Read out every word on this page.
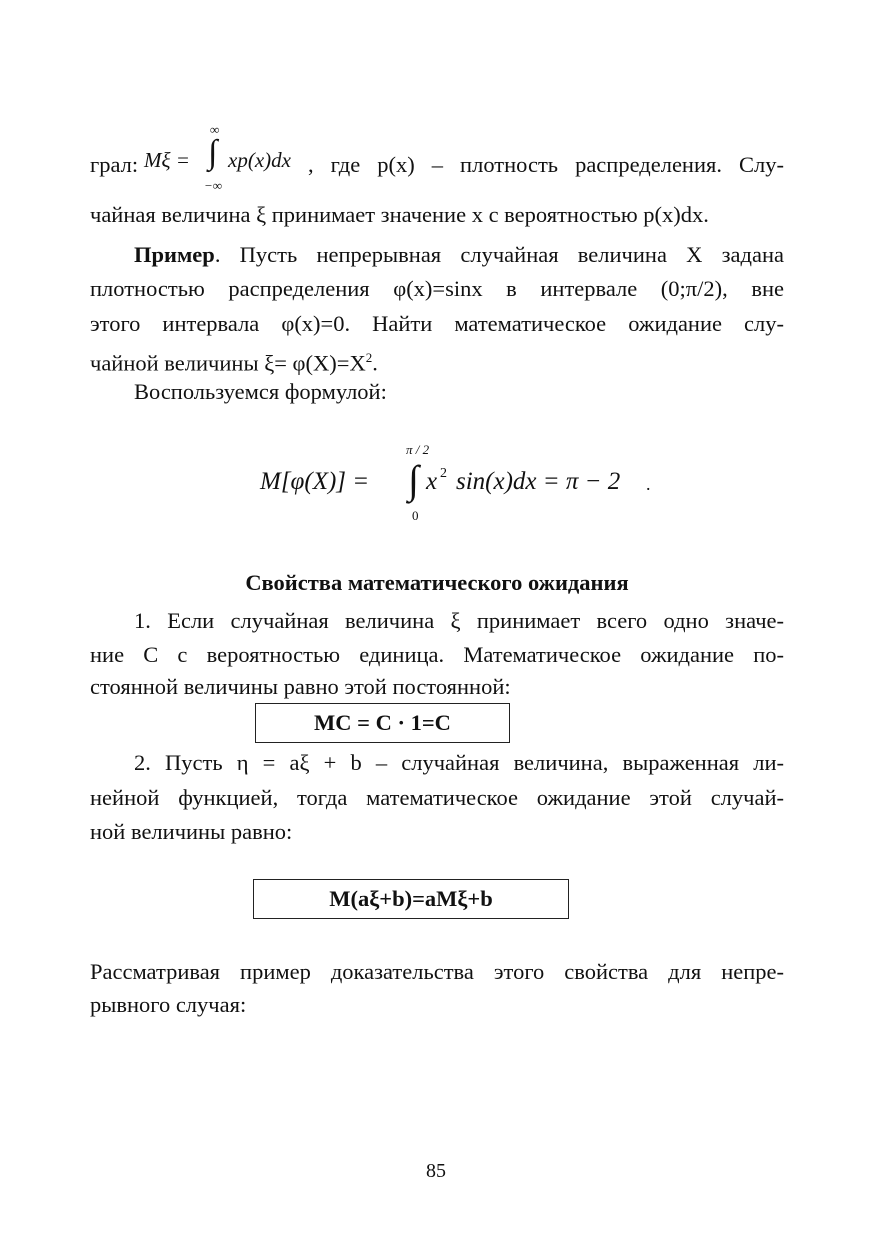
грал: Mξ =
∞
∫
−∞
xp(x)dx , где p(x) – плотность распределения. Слу-
чайная величина ξ принимает значение x с вероятностью p(x)dx.
Пример. Пусть непрерывная случайная величина X задана
плотностью распределения φ(x)=sinx в интервале (0;π/2), вне
этого интервала φ(x)=0. Найти математическое ожидание слу-
чайной величины $\xi= \varphi(X)=X^2$.
Воспользуемся формулой:
M[φ(X)] =
π / 2
∫
0
x 2 sin(x)dx = π − 2 .
Свойства математического ожидания
1. Если случайная величина ξ принимает всего одно значе-
ние C с вероятностью единица. Математическое ожидание по-
стоянной величины равно этой постоянной:
MC = C · 1=C
2. Пусть η = aξ + b – случайная величина, выраженная ли-
нейной функцией, тогда математическое ожидание этой случай-
ной величины равно:
M(aξ+b)=aMξ+b
Рассматривая пример доказательства этого свойства для непре-
рывного случая:
85
